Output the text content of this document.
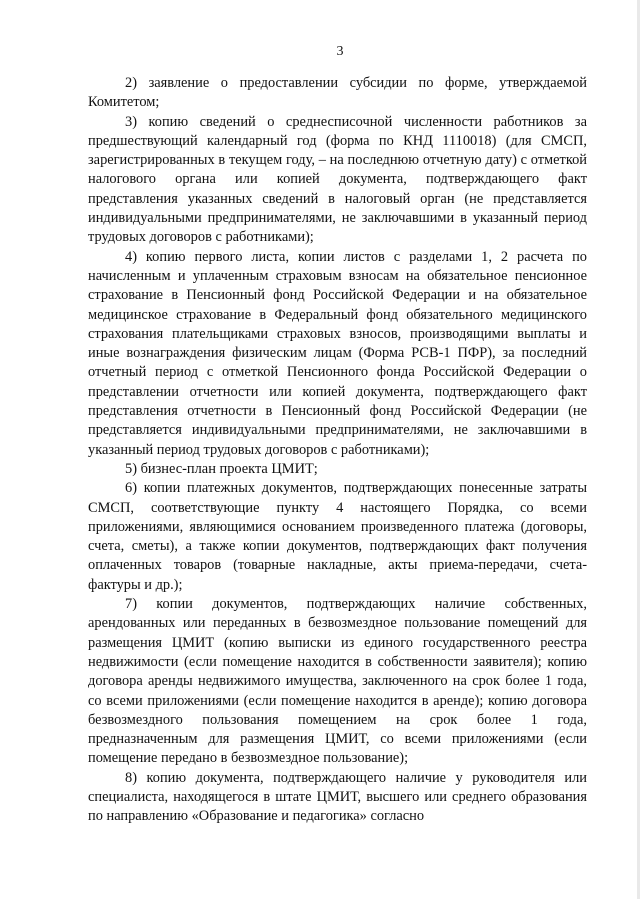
3

2) заявление о предоставлении субсидии по форме, утверждаемой Комитетом;

3) копию сведений о среднесписочной численности работников за предшествующий календарный год (форма по КНД 1110018) (для СМСП, зарегистрированных в текущем году, – на последнюю отчетную дату) с отметкой налогового органа или копией документа, подтверждающего факт представления указанных сведений в налоговый орган (не представляется индивидуальными предпринимателями, не заключавшими в указанный период трудовых договоров с работниками);

4) копию первого листа, копии листов с разделами 1, 2 расчета по начисленным и уплаченным страховым взносам на обязательное пенсионное страхование в Пенсионный фонд Российской Федерации и на обязательное медицинское страхование в Федеральный фонд обязательного медицинского страхования плательщиками страховых взносов, производящими выплаты и иные вознаграждения физическим лицам (Форма РСВ-1 ПФР), за последний отчетный период с отметкой Пенсионного фонда Российской Федерации о представлении отчетности или копией документа, подтверждающего факт представления отчетности в Пенсионный фонд Российской Федерации (не представляется индивидуальными предпринимателями, не заключавшими в указанный период трудовых договоров с работниками);

5) бизнес-план проекта ЦМИТ;

6) копии платежных документов, подтверждающих понесенные затраты СМСП, соответствующие пункту 4 настоящего Порядка, со всеми приложениями, являющимися основанием произведенного платежа (договоры, счета, сметы), а также копии документов, подтверждающих факт получения оплаченных товаров (товарные накладные, акты приема-передачи, счета-фактуры и др.);

7) копии документов, подтверждающих наличие собственных, арендованных или переданных в безвозмездное пользование помещений для размещения ЦМИТ (копию выписки из единого государственного реестра недвижимости (если помещение находится в собственности заявителя); копию договора аренды недвижимого имущества, заключенного на срок более 1 года, со всеми приложениями (если помещение находится в аренде); копию договора безвозмездного пользования помещением на срок более 1 года, предназначенным для размещения ЦМИТ, со всеми приложениями (если помещение передано в безвозмездное пользование);

8) копию документа, подтверждающего наличие у руководителя или специалиста, находящегося в штате ЦМИТ, высшего или среднего образования по направлению «Образование и педагогика» согласно
